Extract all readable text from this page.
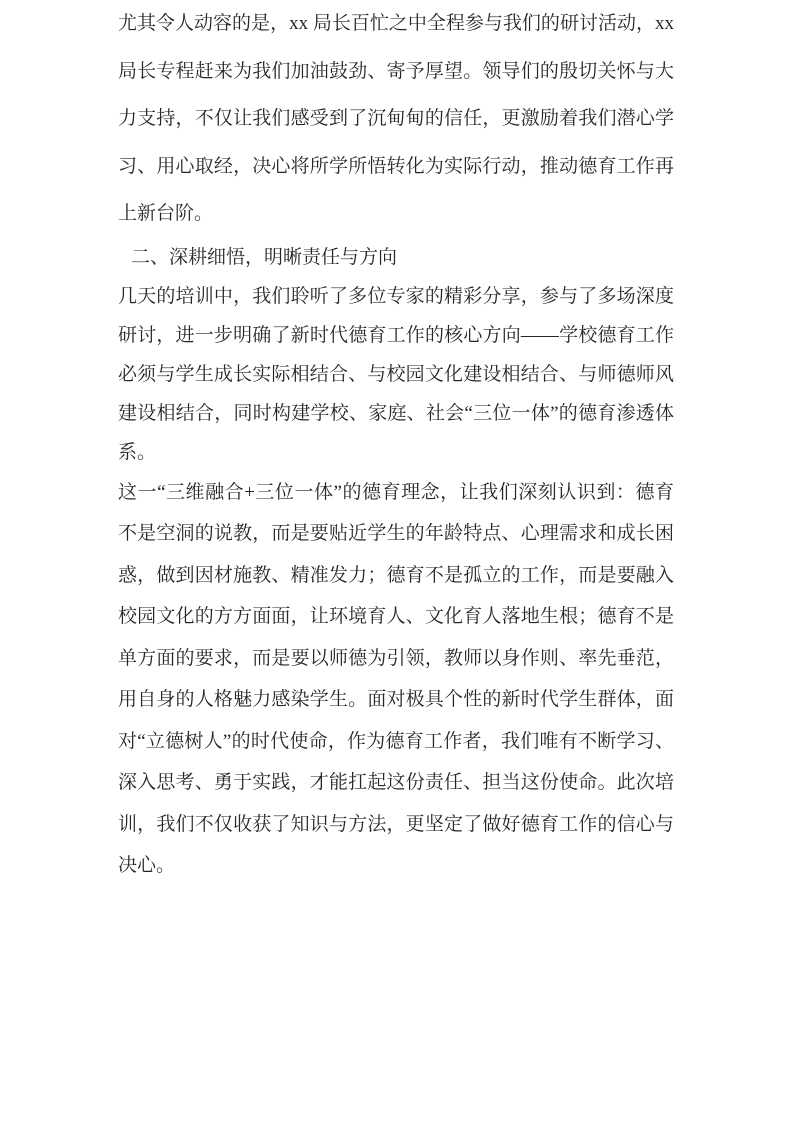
尤其令人动容的是，xx 局长百忙之中全程参与我们的研讨活动，xx 局长专程赶来为我们加油鼓劲、寄予厚望。领导们的殷切关怀与大力支持，不仅让我们感受到了沉甸甸的信任，更激励着我们潜心学习、用心取经，决心将所学所悟转化为实际行动，推动德育工作再上新台阶。

二、深耕细悟，明晰责任与方向

几天的培训中，我们聆听了多位专家的精彩分享，参与了多场深度研讨，进一步明确了新时代德育工作的核心方向——学校德育工作必须与学生成长实际相结合、与校园文化建设相结合、与师德师风建设相结合，同时构建学校、家庭、社会“三位一体”的德育渗透体系。

这一“三维融合+三位一体”的德育理念，让我们深刻认识到：德育不是空洞的说教，而是要贴近学生的年龄特点、心理需求和成长困惑，做到因材施教、精准发力；德育不是孤立的工作，而是要融入校园文化的方方面面，让环境育人、文化育人落地生根；德育不是单方面的要求，而是要以师德为引领，教师以身作则、率先垂范，用自身的人格魅力感染学生。面对极具个性的新时代学生群体，面对“立德树人”的时代使命，作为德育工作者，我们唯有不断学习、深入思考、勇于实践，才能扛起这份责任、担当这份使命。此次培训，我们不仅收获了知识与方法，更坚定了做好德育工作的信心与决心。
